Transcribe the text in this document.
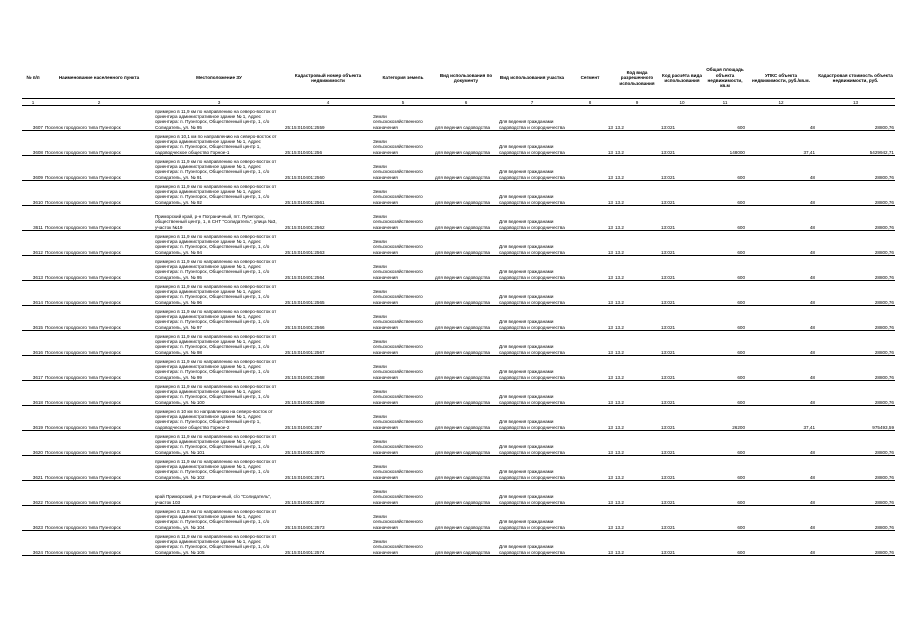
№ п/п	Наименование населенного пункта	Местоположение ЗУ	Кадастровый номер объекта недвижимости	Категория земель	Вид использования по документу	Вид использования участка	Сегмент	Код вида разрешенного использования	Код расчёта вида использования	Общая площадь объекта недвижимости, кв.м	УПКС объекта недвижимости, руб./кв.м.	Кадастровая стоимость объекта недвижимости, руб.
1	2	3	4	5	6	7	8	9	10	11	12	13
3607	Поселок городского типа Пуэнгорск	примерно в 11,9 км по направлению на северо-восток от ориентира административное здание № 1, Адрес ориентира: п. Пуэнгорск, Общественный центр, 1, с/о Солидатель, ул. № 95	25:15:010401:2559	Земли сельскохозяйственного назначения	для ведения садоводства	Для ведения гражданами садоводства и огородничества	13	13.2	13:021	600	48	28800,76
3608	Поселок городского типа Пуэнгорск	примерно в 10,1 км по направлению на северо-восток от ориентира административное здание № 1, Адрес ориентира: п. Пуэнгорск, Общественный центр 1, садоводческое общество Горное-1	25:15:010401:256	Земли сельскохозяйственного назначения	для ведения садоводства	Для ведения гражданами садоводства и огородничества	13	13.2	13:021	148000	37,41	5429942,71
3609	Поселок городского типа Пуэнгорск	примерно в 11,9 км по направлению на северо-восток от ориентира административное здание № 1, Адрес ориентира: п. Пуэнгорск, Общественный центр, 1, с/о Солидатель, ул. № 91	25:15:010401:2560	Земли сельскохозяйственного назначения	для ведения садоводства	Для ведения гражданами садоводства и огородничества	13	13.2	13:021	600	48	28800,76
3610	Поселок городского типа Пуэнгорск	примерно в 11,9 км по направлению на северо-восток от ориентира административное здание № 1, Адрес ориентира: п. Пуэнгорск, Общественный центр, 1, с/о Солидатель, ул. № 92	25:15:010401:2561	Земли сельскохозяйственного назначения	для ведения садоводства	Для ведения гражданами садоводства и огородничества	13	13.2	13:021	600	48	28800,76
3611	Поселок городского типа Пуэнгорск	Приморский край, р-н Пограничный, пгт. Пуэнгорск, общественный центр, 1, в СНТ "Солидатель", улица №3, участок №19	25:15:010401:2562	Земли сельскохозяйственного назначения	для ведения садоводства	Для ведения гражданами садоводства и огородничества	13	13.2	13:021	600	48	28800,76
3612	Поселок городского типа Пуэнгорск	примерно в 11,9 км по направлению на северо-восток от ориентира административное здание № 1, Адрес ориентира: п. Пуэнгорск, Общественный центр, 1, с/о Солидатель, ул. № 94	25:15:010401:2563	Земли сельскохозяйственного назначения	для ведения садоводства	Для ведения гражданами садоводства и огородничества	13	13.2	13:021	600	48	28800,76
3613	Поселок городского типа Пуэнгорск	примерно в 11,9 км по направлению на северо-восток от ориентира административное здание № 1, Адрес ориентира: п. Пуэнгорск, Общественный центр, 1, с/о Солидатель, ул. № 95	25:15:010401:2564	Земли сельскохозяйственного назначения	для ведения садоводства	Для ведения гражданами садоводства и огородничества	13	13.2	13:021	600	48	28800,76
3614	Поселок городского типа Пуэнгорск	примерно в 11,9 км по направлению на северо-восток от ориентира административное здание № 1, Адрес ориентира: п. Пуэнгорск, Общественный центр, 1, с/о Солидатель, ул. № 96	25:15:010401:2565	Земли сельскохозяйственного назначения	для ведения садоводства	Для ведения гражданами садоводства и огородничества	13	13.2	13:021	600	48	28800,76
3615	Поселок городского типа Пуэнгорск	примерно в 11,9 км по направлению на северо-восток от ориентира административное здание № 1, Адрес ориентира: п. Пуэнгорск, Общественный центр, 1, с/о Солидатель, ул. № 97	25:15:010401:2566	Земли сельскохозяйственного назначения	для ведения садоводства	Для ведения гражданами садоводства и огородничества	13	13.2	13:021	600	48	28800,76
3616	Поселок городского типа Пуэнгорск	примерно в 11,9 км по направлению на северо-восток от ориентира административное здание № 1, Адрес ориентира: п. Пуэнгорск, Общественный центр, 1, с/о Солидатель, ул. № 98	25:15:010401:2567	Земли сельскохозяйственного назначения	для ведения садоводства	Для ведения гражданами садоводства и огородничества	13	13.2	13:021	600	48	28800,76
3617	Поселок городского типа Пуэнгорск	примерно в 11,9 км по направлению на северо-восток от ориентира административное здание № 1, Адрес ориентира: п. Пуэнгорск, Общественный центр, 1, с/о Солидатель, ул. № 99	25:15:010401:2568	Земли сельскохозяйственного назначения	для ведения садоводства	Для ведения гражданами садоводства и огородничества	13	13.2	13:021	600	48	28800,76
3618	Поселок городского типа Пуэнгорск	примерно в 11,9 км по направлению на северо-восток от ориентира административное здание № 1, Адрес ориентира: п. Пуэнгорск, Общественный центр, 1, с/о Солидатель, ул. № 100	25:15:010401:2569	Земли сельскохозяйственного назначения	для ведения садоводства	Для ведения гражданами садоводства и огородничества	13	13.2	13:021	600	48	28800,76
3619	Поселок городского типа Пуэнгорск	примерно в 10 км по направлению на северо-восток от ориентира административное здание № 1, Адрес ориентира: п. Пуэнгорск, Общественный центр 1, садоводческое общество Горное-2	25:15:010401:257	Земли сельскохозяйственного назначения	для ведения садоводства	Для ведения гражданами садоводства и огородничества	13	13.2	13:021	26200	37,41	975493,59
3620	Поселок городского типа Пуэнгорск	примерно в 11,9 км по направлению на северо-восток от ориентира административное здание № 1, Адрес ориентира: п. Пуэнгорск, Общественный центр, 1, с/о Солидатель, ул. № 101	25:15:010401:2570	Земли сельскохозяйственного назначения	для ведения садоводства	Для ведения гражданами садоводства и огородничества	13	13.2	13:021	600	48	28800,76
3621	Поселок городского типа Пуэнгорск	примерно в 11,9 км по направлению на северо-восток от ориентира административное здание № 1, Адрес ориентира: п. Пуэнгорск, Общественный центр, 1, с/о Солидатель, ул. № 102	25:15:010401:2571	Земли сельскохозяйственного назначения	для ведения садоводства	Для ведения гражданами садоводства и огородничества	13	13.2	13:021	600	48	28800,76
3622	Поселок городского типа Пуэнгорск	край Приморский, р-н Пограничный, с/о "Солидатель", участок 103	25:15:010401:2572	Земли сельскохозяйственного назначения	для ведения садоводства	Для ведения гражданами садоводства и огородничества	13	13.2	13:021	600	48	28800,76
3623	Поселок городского типа Пуэнгорск	примерно в 11,9 км по направлению на северо-восток от ориентира административное здание № 1, Адрес ориентира: п. Пуэнгорск, Общественный центр, 1, с/о Солидатель, ул. № 104	25:15:010401:2573	Земли сельскохозяйственного назначения	для ведения садоводства	Для ведения гражданами садоводства и огородничества	13	13.2	13:021	600	48	28800,76
3624	Поселок городского типа Пуэнгорск	примерно в 11,9 км по направлению на северо-восток от ориентира административное здание № 1, Адрес ориентира: п. Пуэнгорск, Общественный центр, 1, с/о Солидатель, ул. № 105	25:15:010401:2574	Земли сельскохозяйственного назначения	для ведения садоводства	Для ведения гражданами садоводства и огородничества	13	13.2	13:021	600	48	28800,76
